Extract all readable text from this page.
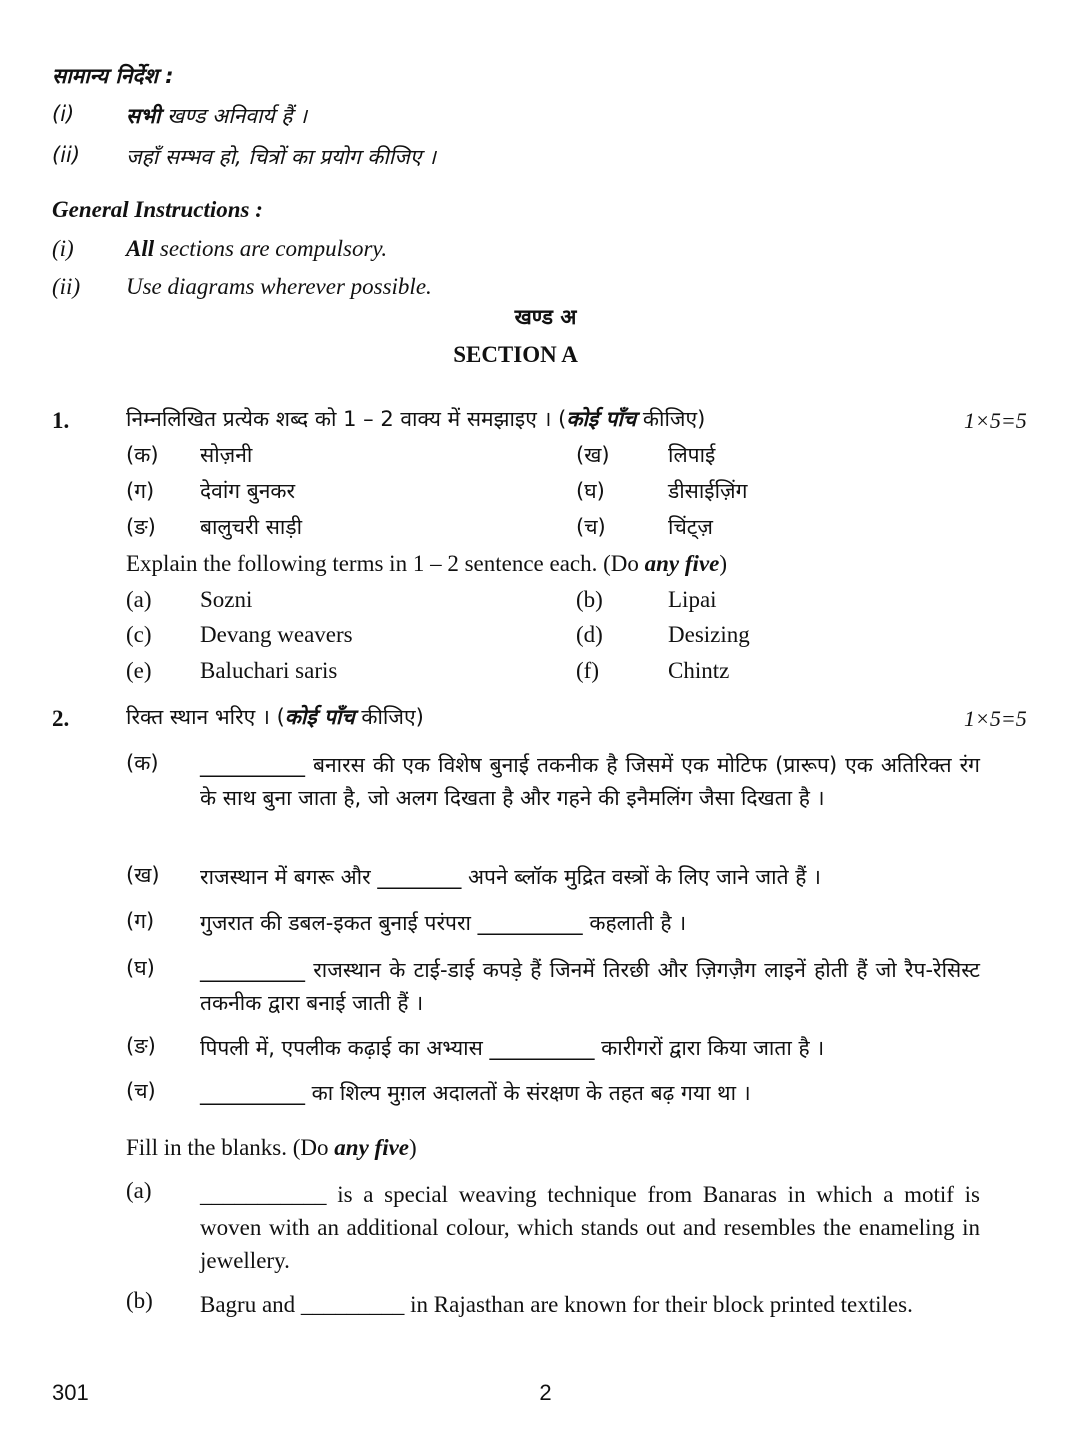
सामान्य निर्देश :
(i) सभी खण्ड अनिवार्य हैं ।
(ii) जहाँ सम्भव हो, चित्रों का प्रयोग कीजिए ।
General Instructions :
(i) All sections are compulsory.
(ii) Use diagrams wherever possible.
खण्ड अ
SECTION A
1.	निम्नलिखित प्रत्येक शब्द को 1 – 2 वाक्य में समझाइए । (कोई पाँच कीजिए)	1×5=5
(क) सोज़नी	(ख)	लिपाई
(ग) देवांग बुनकर	(घ)	डीसाईज़िंग
(ङ) बालुचरी साड़ी	(च)	चिंट्ज़
Explain the following terms in 1 – 2 sentence each. (Do any five)
(a) Sozni	(b)	Lipai
(c) Devang weavers	(d)	Desizing
(e) Baluchari saris	(f)	Chintz
2.	रिक्त स्थान भरिए । (कोई पाँच कीजिए)	1×5=5
(क) __________ बनारस की एक विशेष बुनाई तकनीक है जिसमें एक मोटिफ (प्रारूप) एक अतिरिक्त रंग के साथ बुना जाता है, जो अलग दिखता है और गहने की इनैमलिंग जैसा दिखता है ।
(ख) राजस्थान में बगरू और ________ अपने ब्लॉक मुद्रित वस्त्रों के लिए जाने जाते हैं ।
(ग) गुजरात की डबल-इकत बुनाई परंपरा __________ कहलाती है ।
(घ) __________ राजस्थान के टाई-डाई कपड़े हैं जिनमें तिरछी और ज़िगज़ैग लाइनें होती हैं जो रैप-रेसिस्ट तकनीक द्वारा बनाई जाती हैं ।
(ङ) पिपली में, एपलीक कढ़ाई का अभ्यास __________ कारीगरों द्वारा किया जाता है ।
(च) __________ का शिल्प मुग़ल अदालतों के संरक्षण के तहत बढ़ गया था ।
Fill in the blanks. (Do any five)
(a) ___________ is a special weaving technique from Banaras in which a motif is woven with an additional colour, which stands out and resembles the enameling in jewellery.
(b) Bagru and _________ in Rajasthan are known for their block printed textiles.
301	2
